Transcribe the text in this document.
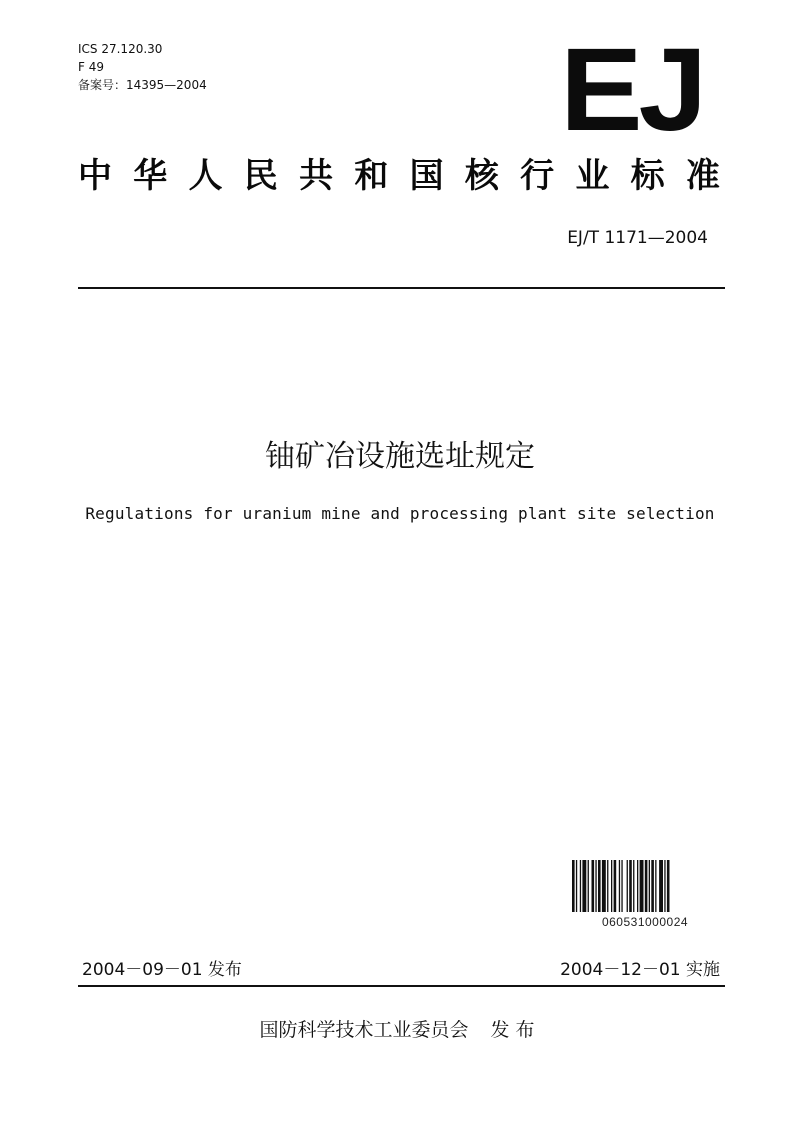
ICS 27.120.30
F 49
备案号：14395—2004	EJ
中 华 人 民 共 和 国 核 行 业 标 准
EJ/T 1171—2004
铀矿冶设施选址规定
Regulations for uranium mine and processing plant site selection
060531000024
2004－09－01 发布	2004－12－01 实施
国防科学技术工业委员会 发布
